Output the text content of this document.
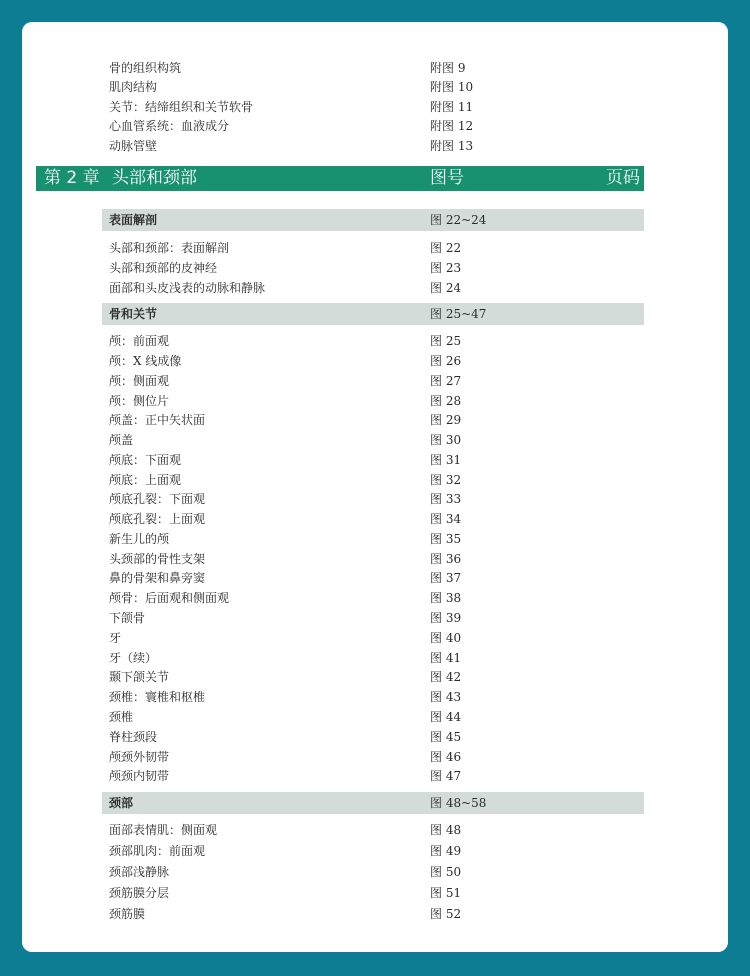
骨的组织构筑	附图 9
肌肉结构	附图 10
关节：结缔组织和关节软骨	附图 11
心血管系统：血液成分	附图 12
动脉管壁	附图 13
第 2 章 头部和颈部	图号	页码
表面解剖	图 22~24
头部和颈部：表面解剖	图 22
头部和颈部的皮神经	图 23
面部和头皮浅表的动脉和静脉	图 24
骨和关节	图 25~47
颅：前面观	图 25
颅：X 线成像	图 26
颅：侧面观	图 27
颅：侧位片	图 28
颅盖：正中矢状面	图 29
颅盖	图 30
颅底：下面观	图 31
颅底：上面观	图 32
颅底孔裂：下面观	图 33
颅底孔裂：上面观	图 34
新生儿的颅	图 35
头颈部的骨性支架	图 36
鼻的骨架和鼻旁窦	图 37
颅骨：后面观和侧面观	图 38
下颌骨	图 39
牙	图 40
牙（续）	图 41
颞下颌关节	图 42
颈椎：寰椎和枢椎	图 43
颈椎	图 44
脊柱颈段	图 45
颅颈外韧带	图 46
颅颈内韧带	图 47
颈部	图 48~58
面部表情肌：侧面观	图 48
颈部肌肉：前面观	图 49
颈部浅静脉	图 50
颈筋膜分层	图 51
颈筋膜	图 52
